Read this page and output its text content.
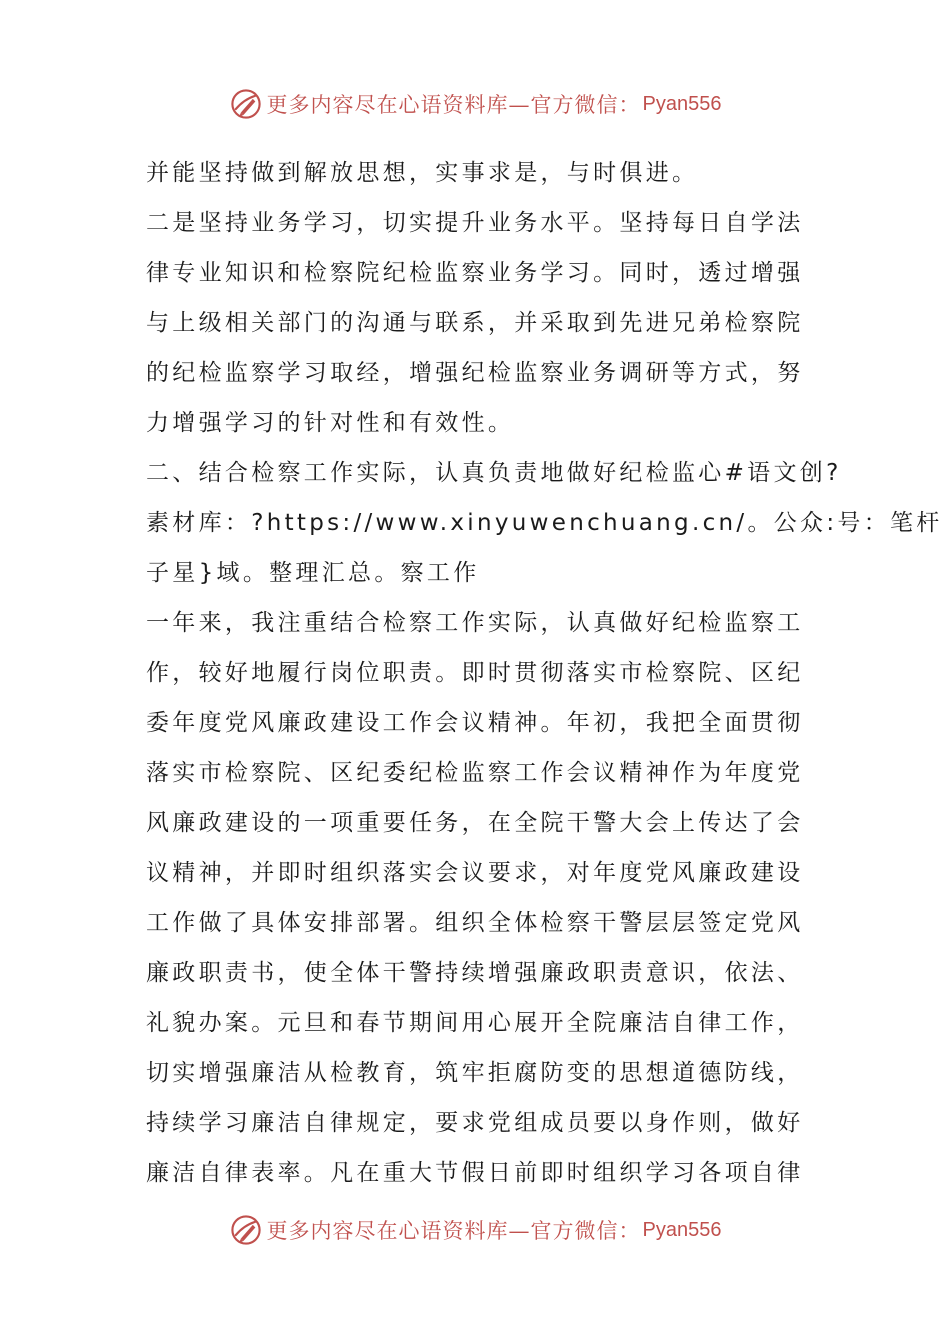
更多内容尽在心语资料库—官方微信： Pyan556
并能坚持做到解放思想，实事求是，与时俱进。
二是坚持业务学习，切实提升业务水平。坚持每日自学法
律专业知识和检察院纪检监察业务学习。同时，透过增强
与上级相关部门的沟通与联系，并采取到先进兄弟检察院
的纪检监察学习取经，增强纪检监察业务调研等方式，努
力增强学习的针对性和有效性。
二、结合检察工作实际，认真负责地做好纪检监心#语文创?
素材库：?https://www.xinyuwenchuang.cn/。公众:号：笔杆
子星}域。整理汇总。察工作
一年来，我注重结合检察工作实际，认真做好纪检监察工
作，较好地履行岗位职责。即时贯彻落实市检察院、区纪
委年度党风廉政建设工作会议精神。年初，我把全面贯彻
落实市检察院、区纪委纪检监察工作会议精神作为年度党
风廉政建设的一项重要任务，在全院干警大会上传达了会
议精神，并即时组织落实会议要求，对年度党风廉政建设
工作做了具体安排部署。组织全体检察干警层层签定党风
廉政职责书，使全体干警持续增强廉政职责意识，依法、
礼貌办案。元旦和春节期间用心展开全院廉洁自律工作，
切实增强廉洁从检教育，筑牢拒腐防变的思想道德防线，
持续学习廉洁自律规定，要求党组成员要以身作则，做好
廉洁自律表率。凡在重大节假日前即时组织学习各项自律
更多内容尽在心语资料库—官方微信： Pyan556
